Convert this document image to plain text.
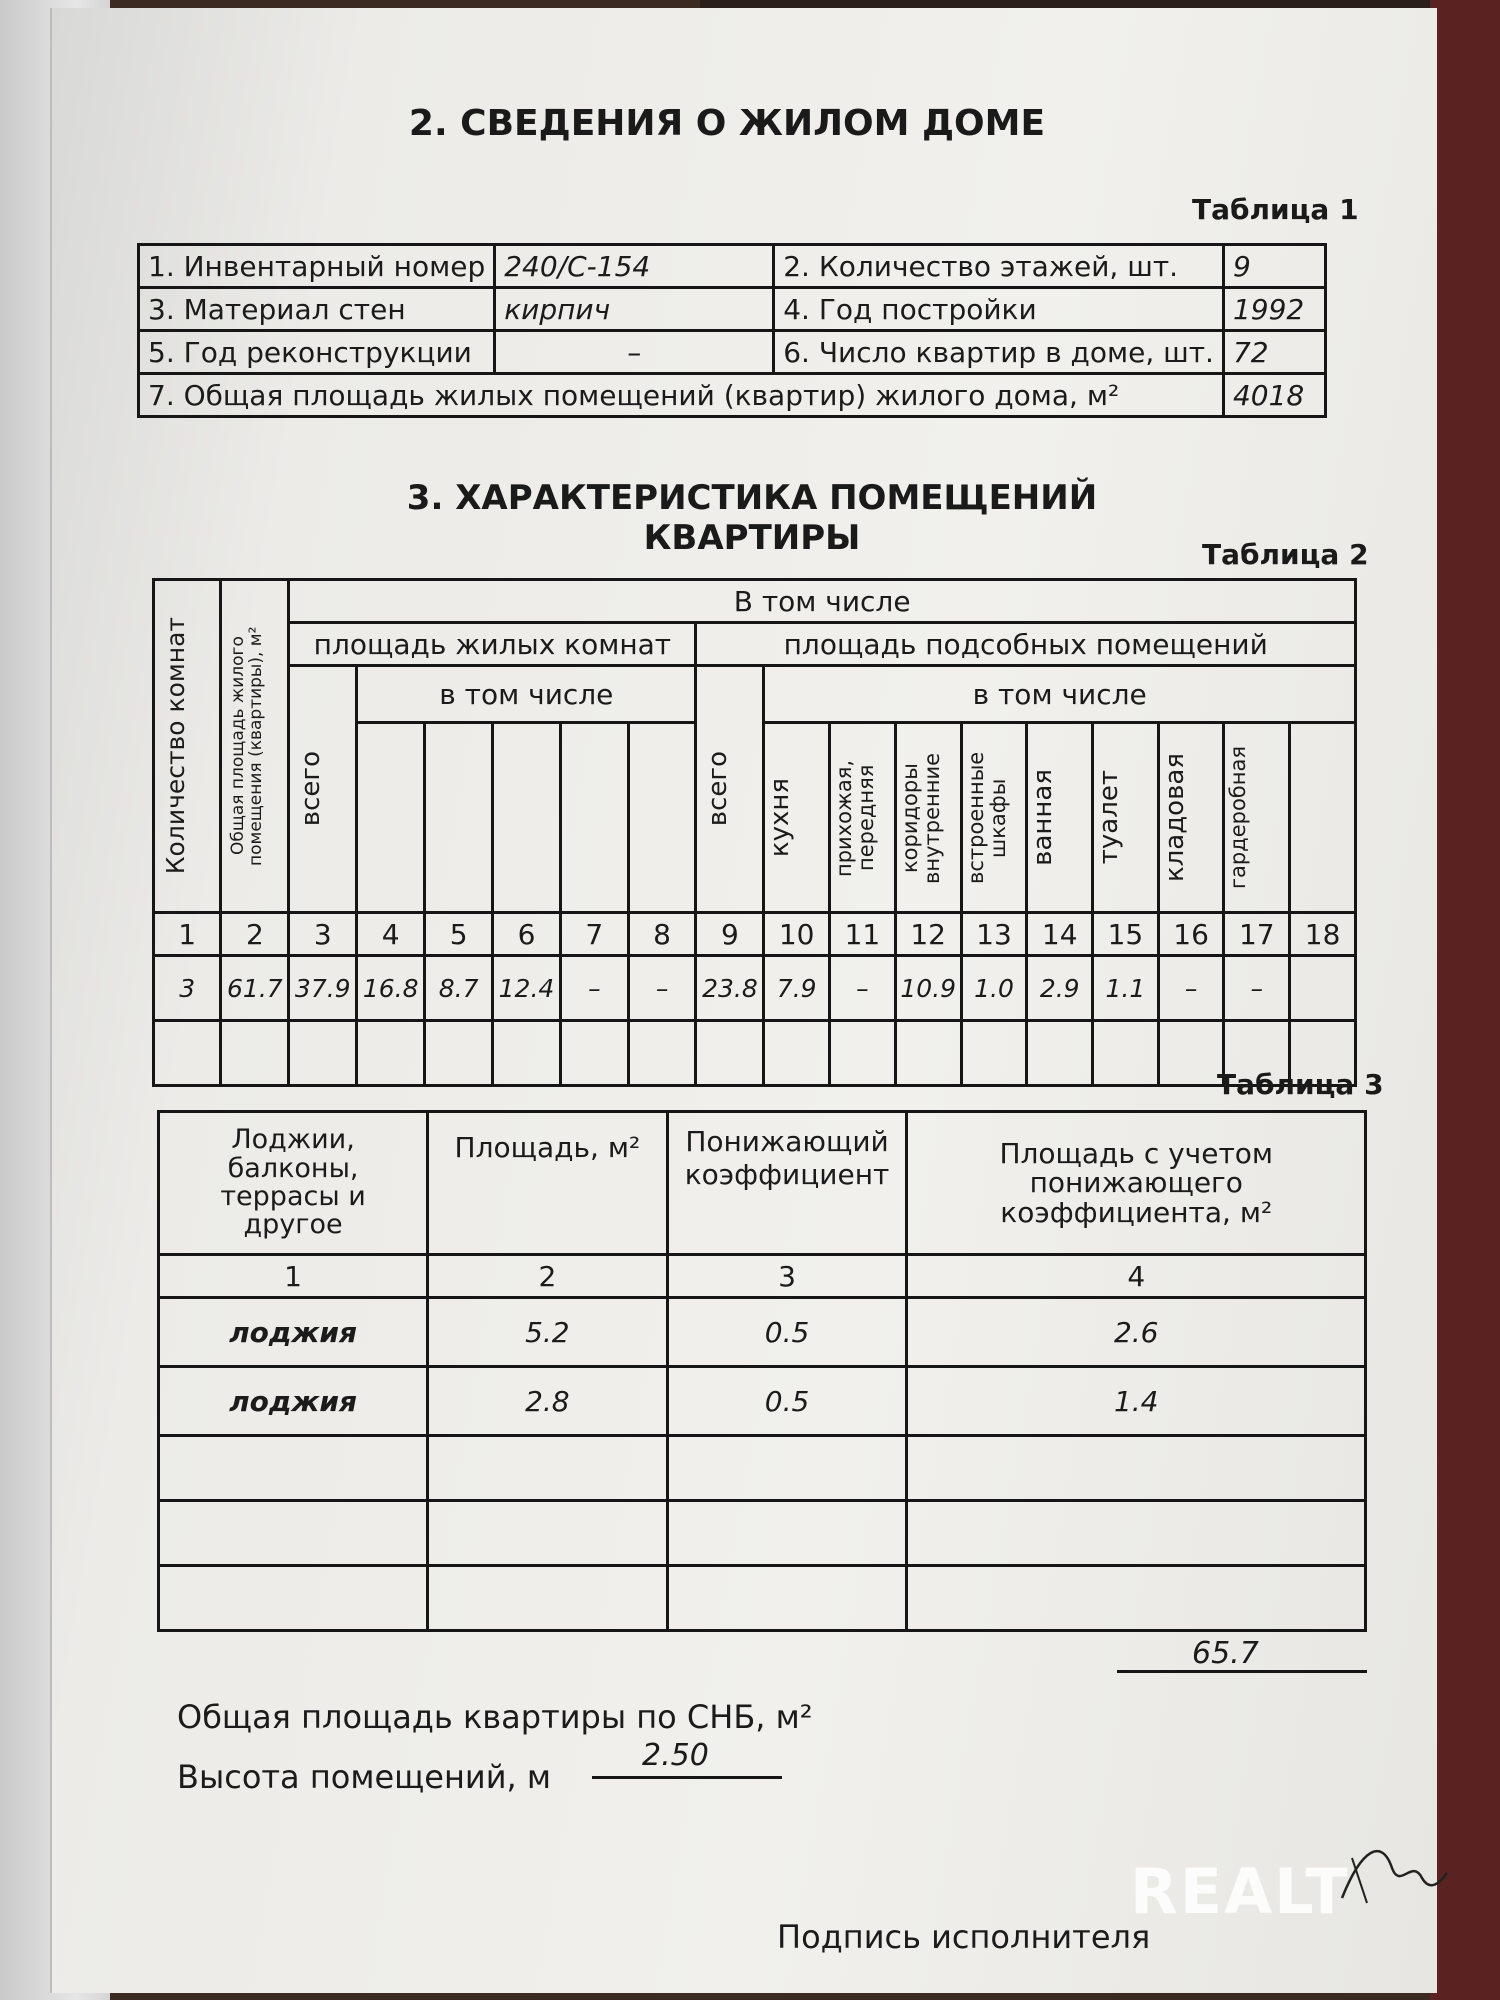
2. СВЕДЕНИЯ О ЖИЛОМ ДОМЕ
Таблица 1
1. Инвентарный номер	240/С-154	2. Количество этажей, шт.	9
3. Материал стен	кирпич	4. Год постройки	1992
5. Год реконструкции	–	6. Число квартир в доме, шт.	72
7. Общая площадь жилых помещений (квартир) жилого дома, м²			4018
3. ХАРАКТЕРИСТИКА ПОМЕЩЕНИЙ КВАРТИРЫ	Таблица 2
Количество комнат	Общая площадь жилого помещения (квартиры), м²	В том числе															
		площадь жилых комнат						площадь подсобных помещений									

		всего	в том числе					всего	в том числе								

									кухня	прихожая, передняя	коридоры внутренние	встроенные шкафы	ванная	туалет	кладовая	гардеробная	

1	2	3	4	5	6	7	8	9	10	11	12	13	14	15	16	17	18
3	61.7	37.9	16.8	8.7	12.4	–	–	23.8	7.9	–	10.9	1.0	2.9	1.1	–	–	

Таблица 3
Лоджии, балконы, террасы и другое	Площадь, м²	Понижающий коэффициент	Площадь с учетом понижающего коэффициента, м²
1	2	3	4
лоджия	5.2	0.5	2.6
лоджия	2.8	0.5	1.4

65.7
Общая площадь квартиры по СНБ, м²
Высота помещений, м
2.50
Подпись исполнителя
REALT
